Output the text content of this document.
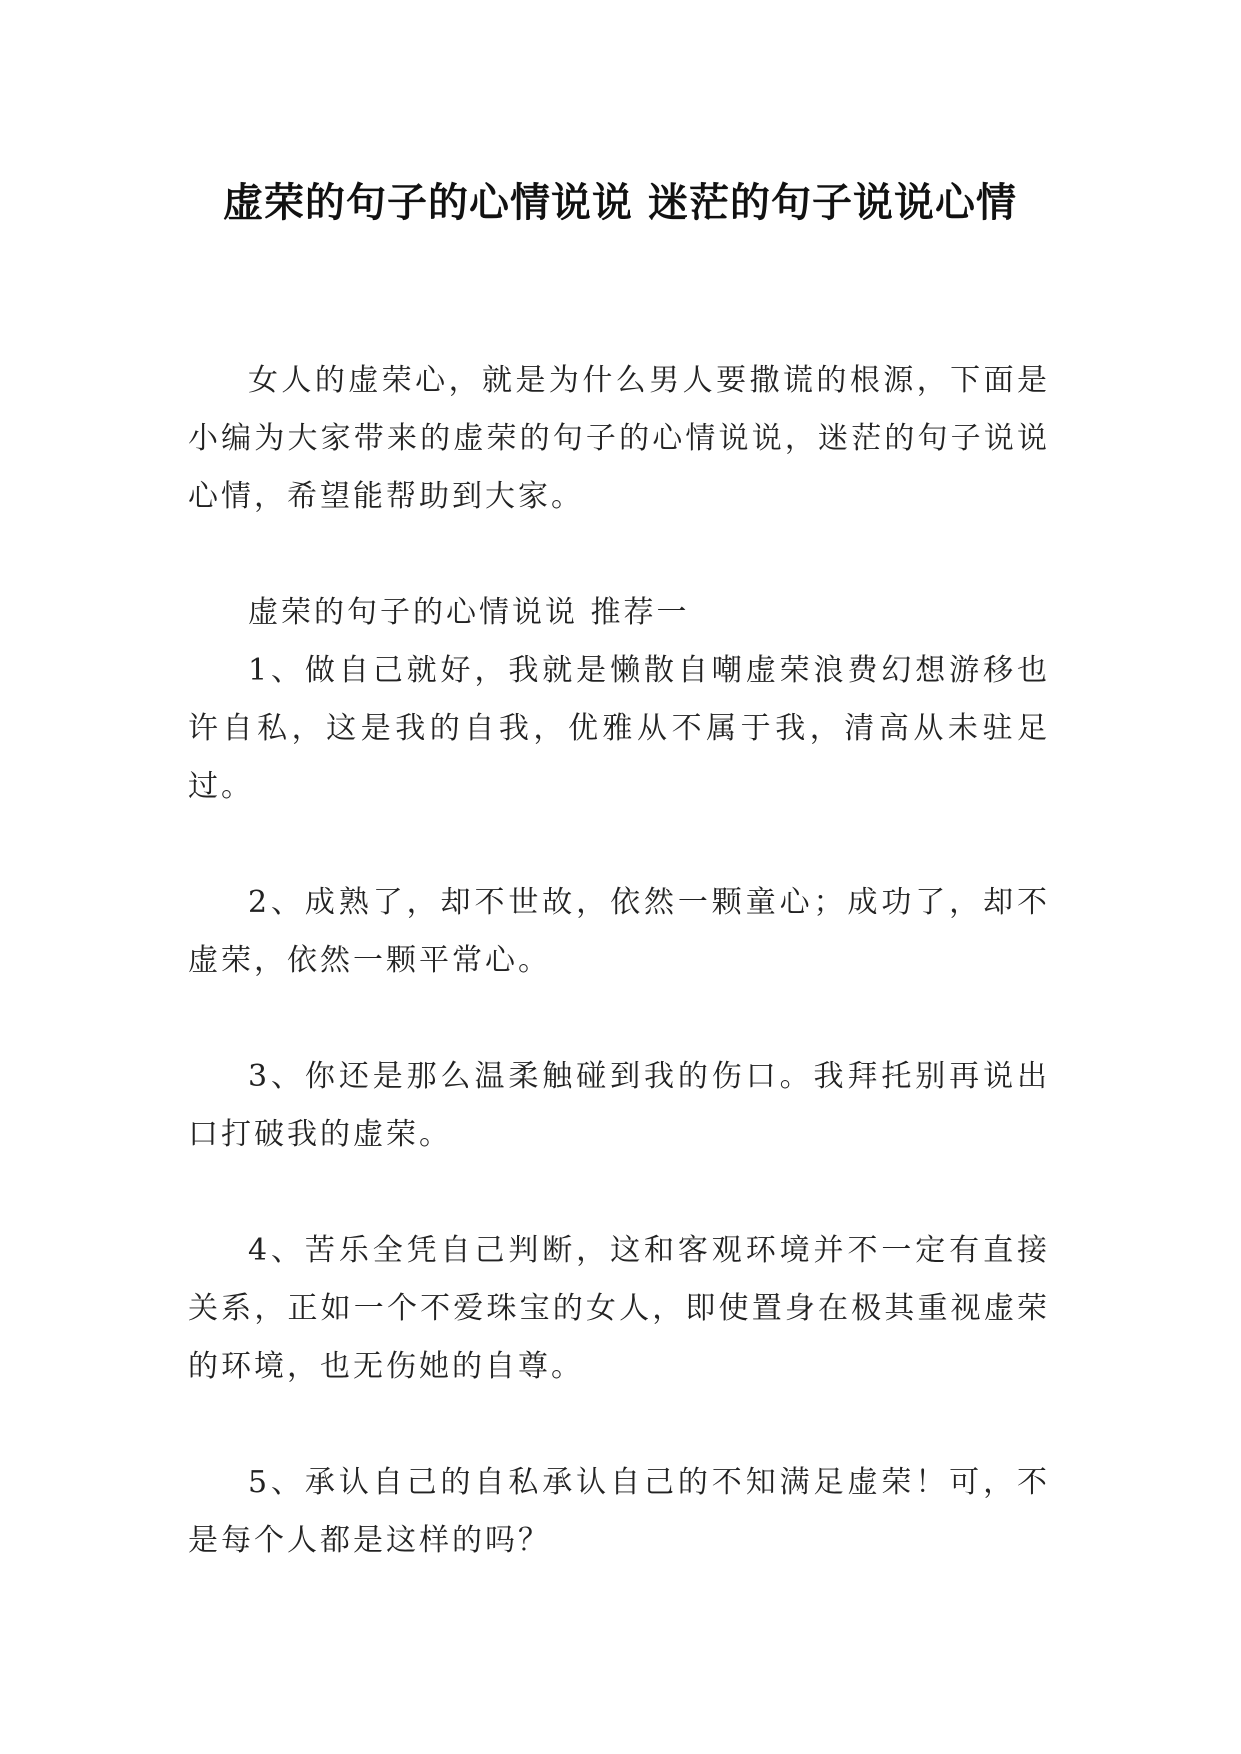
虚荣的句子的心情说说 迷茫的句子说说心情

女人的虚荣心，就是为什么男人要撒谎的根源，下面是小编为大家带来的虚荣的句子的心情说说，迷茫的句子说说心情，希望能帮助到大家。

虚荣的句子的心情说说 推荐一

1、做自己就好，我就是懒散自嘲虚荣浪费幻想游移也许自私，这是我的自我，优雅从不属于我，清高从未驻足过。

2、成熟了，却不世故，依然一颗童心；成功了，却不虚荣，依然一颗平常心。

3、你还是那么温柔触碰到我的伤口。我拜托别再说出口打破我的虚荣。

4、苦乐全凭自己判断，这和客观环境并不一定有直接关系，正如一个不爱珠宝的女人，即使置身在极其重视虚荣的环境，也无伤她的自尊。

5、承认自己的自私承认自己的不知满足虚荣！可，不是每个人都是这样的吗？
